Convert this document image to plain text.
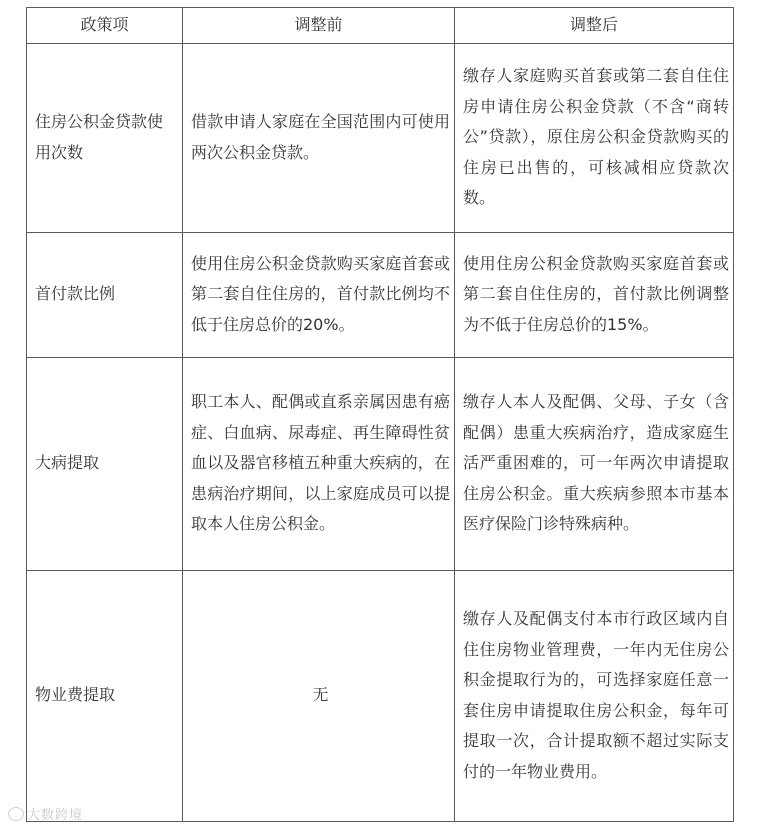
政策项	调整前	调整后
住房公积金贷款使用次数	借款申请人家庭在全国范围内可使用两次公积金贷款。	缴存人家庭购买首套或第二套自住住房申请住房公积金贷款（不含“商转公”贷款），原住房公积金贷款购买的住房已出售的，可核减相应贷款次数。
首付款比例	使用住房公积金贷款购买家庭首套或第二套自住住房的，首付款比例均不低于住房总价的20%。	使用住房公积金贷款购买家庭首套或第二套自住住房的，首付款比例调整为不低于住房总价的15%。
大病提取	职工本人、配偶或直系亲属因患有癌症、白血病、尿毒症、再生障碍性贫血以及器官移植五种重大疾病的，在患病治疗期间，以上家庭成员可以提取本人住房公积金。	缴存人本人及配偶、父母、子女（含配偶）患重大疾病治疗，造成家庭生活严重困难的，可一年两次申请提取住房公积金。重大疾病参照本市基本医疗保险门诊特殊病种。
物业费提取	无	缴存人及配偶支付本市行政区域内自住住房物业管理费，一年内无住房公积金提取行为的，可选择家庭任意一套住房申请提取住房公积金，每年可提取一次，合计提取额不超过实际支付的一年物业费用。
大数跨境
